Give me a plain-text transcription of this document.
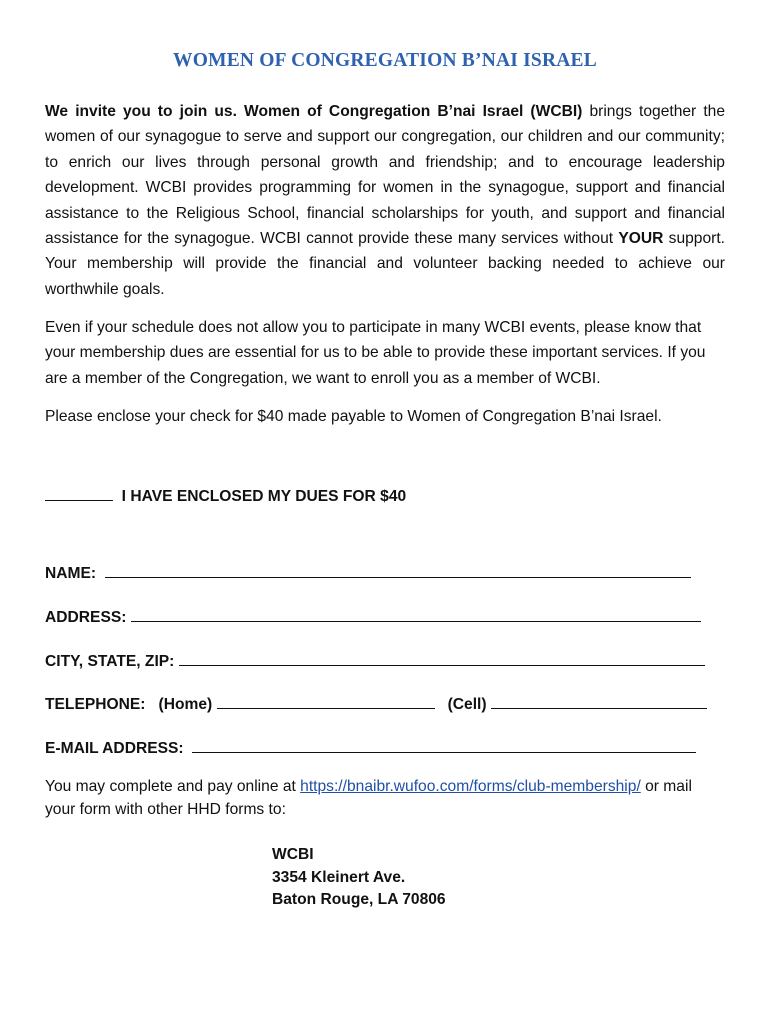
WOMEN OF CONGREGATION B’NAI ISRAEL

We invite you to join us. Women of Congregation B’nai Israel (WCBI) brings together the women of our synagogue to serve and support our congregation, our children and our community; to enrich our lives through personal growth and friendship; and to encourage leadership development. WCBI provides programming for women in the synagogue, support and financial assistance to the Religious School, financial scholarships for youth, and support and financial assistance for the synagogue. WCBI cannot provide these many services without YOUR support. Your membership will provide the financial and volunteer backing needed to achieve our worthwhile goals.

Even if your schedule does not allow you to participate in many WCBI events, please know that your membership dues are essential for us to be able to provide these important services. If you are a member of the Congregation, we want to enroll you as a member of WCBI.

Please enclose your check for $40 made payable to Women of Congregation B’nai Israel.

I HAVE ENCLOSED MY DUES FOR $40
NAME:
ADDRESS:
CITY, STATE, ZIP:
TELEPHONE: (Home)	(Cell)
E-MAIL ADDRESS:

You may complete and pay online at https://bnaibr.wufoo.com/forms/club-membership/ or mail your form with other HHD forms to:

WCBI
3354 Kleinert Ave.
Baton Rouge, LA 70806
